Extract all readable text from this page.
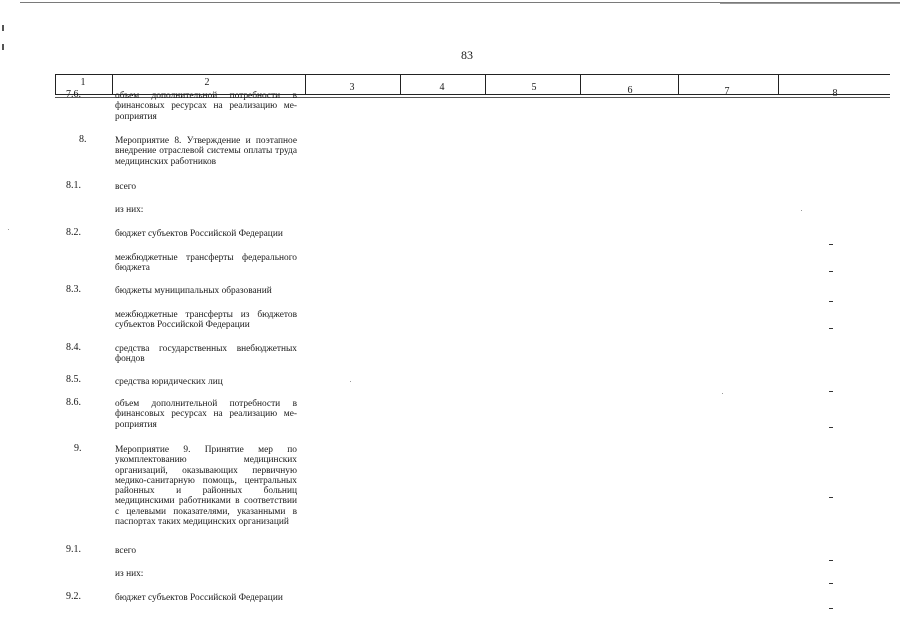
83
1	2	3	4	5	6	7	8
7.6.	объем дополнительной потребности в финансовых ресурсах на реализацию ме-роприятия
8.	Мероприятие 8. Утверждение и поэтапное внедрение отраслевой системы оплаты труда медицинских работников
8.1.	всего
из них:
8.2.	бюджет субъектов Российской Федерации
межбюджетные трансферты федерального бюджета
8.3.	бюджеты муниципальных образований
межбюджетные трансферты из бюджетов субъектов Российской Федерации
8.4.	средства государственных внебюджетных фондов
8.5.	средства юридических лиц
8.6.	объем дополнительной потребности в финансовых ресурсах на реализацию ме-роприятия
9.	Мероприятие 9. Принятие мер по укомплектованию медицинских организаций, оказывающих первичную медико-санитарную помощь, центральных районных и районных больниц медицинскими работниками в соответствии с целевыми показателями, указанными в паспортах таких медицинских организаций
9.1.	всего
из них:
9.2.	бюджет субъектов Российской Федерации
